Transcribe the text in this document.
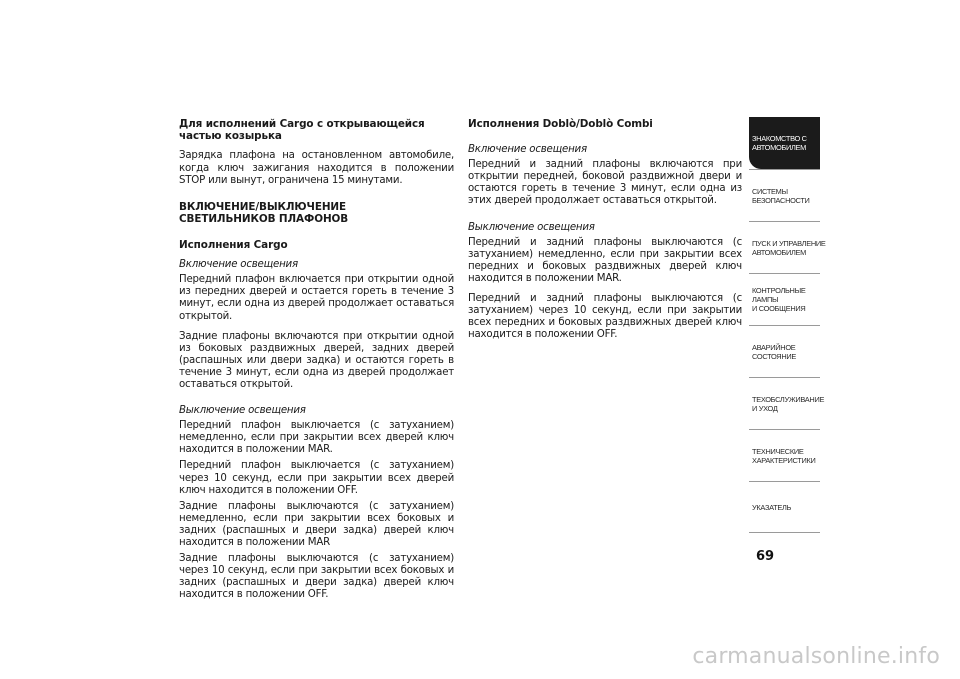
Для исполнений Cargo с открывающейся частью козырька

Зарядка плафона на остановленном автомобиле, когда ключ зажигания находится в положении STOP или вынут, ограничена 15 минутами.

ВКЛЮЧЕНИЕ/ВЫКЛЮЧЕНИЕ
СВЕТИЛЬНИКОВ ПЛАФОНОВ
Исполнения Cargo
Включение освещения

Передний плафон включается при открытии одной из передних дверей и остается гореть в течение 3 минут, если одна из дверей продолжает оставаться открытой.

Задние плафоны включаются при открытии одной из боковых раздвижных дверей, задних дверей (распашных или двери задка) и остаются гореть в течение 3 минут, если одна из дверей продолжает оставаться открытой.

Выключение освещения

Передний плафон выключается (с затуханием) немедленно, если при закрытии всех дверей ключ находится в положении MAR.

Передний плафон выключается (с затуханием) через 10 секунд, если при закрытии всех дверей ключ находится в положении OFF.

Задние плафоны выключаются (с затуханием) немедленно, если при закрытии всех боковых и задних (распашных и двери задка) дверей ключ находится в положении MAR

Задние плафоны выключаются (с затуханием) через 10 секунд, если при закрытии всех боковых и задних (распашных и двери задка) дверей ключ находится в положении OFF.

Исполнения Doblò/Doblò Combi
Включение освещения

Передний и задний плафоны включаются при открытии передней, боковой раздвижной двери и остаются гореть в течение 3 минут, если одна из этих дверей продолжает оставаться открытой.

Выключение освещения

Передний и задний плафоны выключаются (с затуханием) немедленно, если при закрытии всех передних и боковых раздвижных дверей ключ находится в положении MAR.

Передний и задний плафоны выключаются (с затуханием) через 10 секунд, если при закрытии всех передних и боковых раздвижных дверей ключ находится в положении OFF.

ЗНАКОМСТВО С
АВТОМОБИЛЕМ
СИСТЕМЫ
БЕЗОПАСНОСТИ
ПУСК И УПРАВЛЕНИЕ
АВТОМОБИЛЕМ
КОНТРОЛЬНЫЕ
ЛАМПЫ
И СООБЩЕНИЯ
АВАРИЙНОЕ
СОСТОЯНИЕ
ТЕХОБСЛУЖИВАНИЕ
И УХОД
ТЕХНИЧЕСКИЕ
ХАРАКТЕРИСТИКИ
УКАЗАТЕЛЬ
69
carmanualsonline.info
